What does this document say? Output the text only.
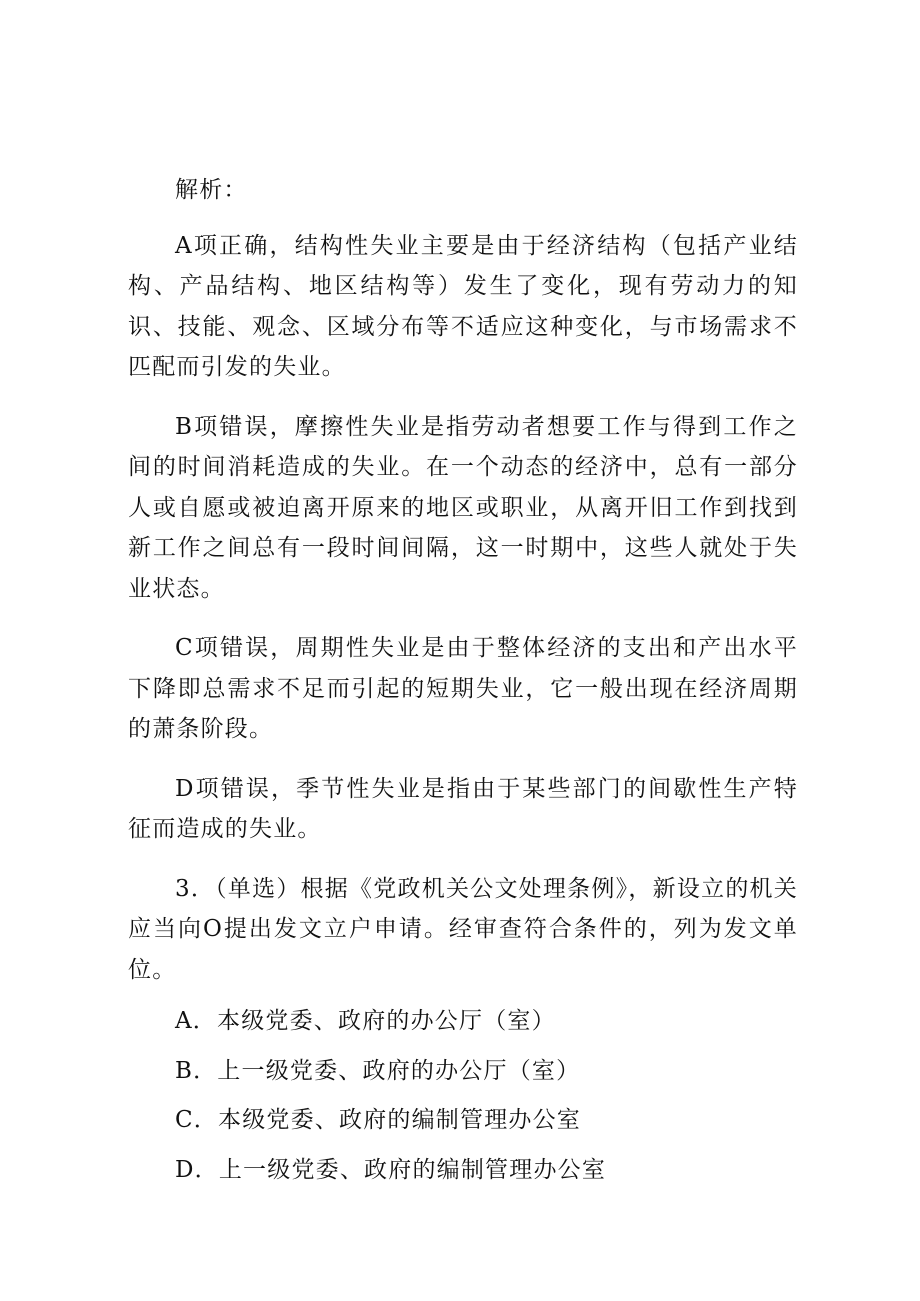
解析：

A项正确，结构性失业主要是由于经济结构（包括产业结构、产品结构、地区结构等）发生了变化，现有劳动力的知识、技能、观念、区域分布等不适应这种变化，与市场需求不匹配而引发的失业。

B项错误，摩擦性失业是指劳动者想要工作与得到工作之间的时间消耗造成的失业。在一个动态的经济中，总有一部分人或自愿或被迫离开原来的地区或职业，从离开旧工作到找到新工作之间总有一段时间间隔，这一时期中，这些人就处于失业状态。

C项错误，周期性失业是由于整体经济的支出和产出水平下降即总需求不足而引起的短期失业，它一般出现在经济周期的萧条阶段。

D项错误，季节性失业是指由于某些部门的间歇性生产特征而造成的失业。

3．（单选）根据《党政机关公文处理条例》，新设立的机关应当向O提出发文立户申请。经审查符合条件的，列为发文单位。

A．本级党委、政府的办公厅（室）

B．上一级党委、政府的办公厅（室）

C．本级党委、政府的编制管理办公室

D．上一级党委、政府的编制管理办公室
